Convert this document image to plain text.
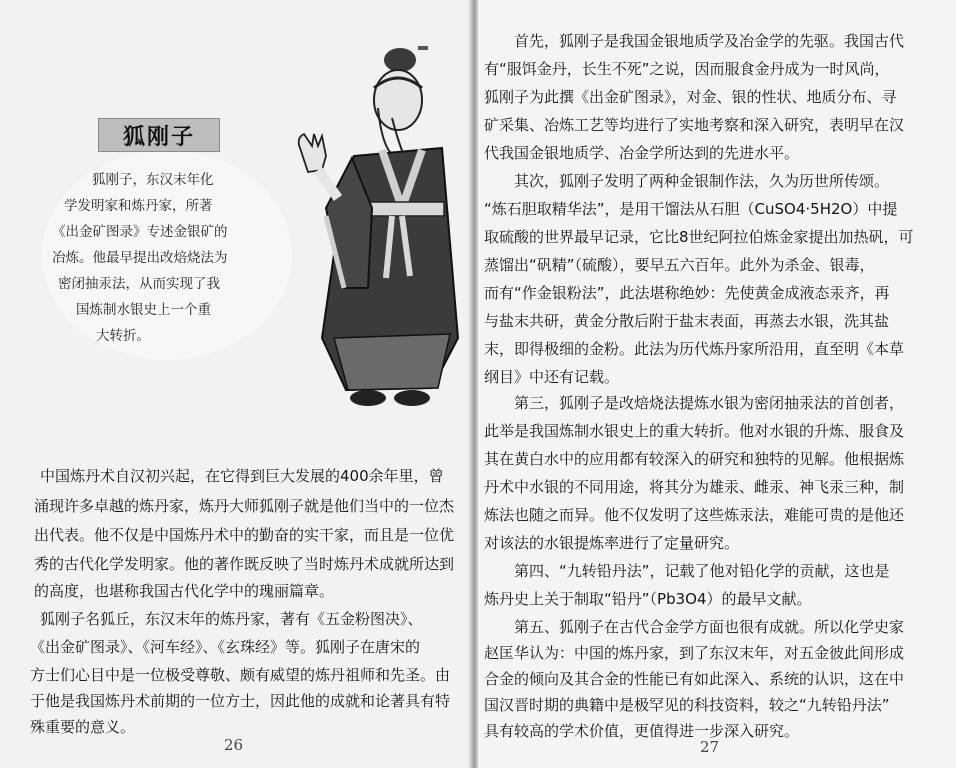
狐刚子
狐刚子，东汉末年化
学发明家和炼丹家，所著
《出金矿图录》专述金银矿的
冶炼。他最早提出改焙烧法为
密闭抽汞法，从而实现了我
国炼制水银史上一个重
大转折。
中国炼丹术自汉初兴起，在它得到巨大发展的400余年里，曾
涌现许多卓越的炼丹家，炼丹大师狐刚子就是他们当中的一位杰
出代表。他不仅是中国炼丹术中的勤奋的实干家，而且是一位优
秀的古代化学发明家。他的著作既反映了当时炼丹术成就所达到
的高度，也堪称我国古代化学中的瑰丽篇章。
狐刚子名狐丘，东汉末年的炼丹家，著有《五金粉图决》、
《出金矿图录》、《河车经》、《玄珠经》等。狐刚子在唐宋的
方士们心目中是一位极受尊敬、颇有威望的炼丹祖师和先圣。由
于他是我国炼丹术前期的一位方士，因此他的成就和论著具有特
殊重要的意义。
26
首先，狐刚子是我国金银地质学及冶金学的先驱。我国古代
有“服饵金丹，长生不死”之说，因而服食金丹成为一时风尚，
狐刚子为此撰《出金矿图录》，对金、银的性状、地质分布、寻
矿采集、冶炼工艺等均进行了实地考察和深入研究，表明早在汉
代我国金银地质学、冶金学所达到的先进水平。
其次，狐刚子发明了两种金银制作法，久为历世所传颂。
“炼石胆取精华法”，是用干馏法从石胆（CuSO4·5H2O）中提
取硫酸的世界最早记录，它比8世纪阿拉伯炼金家提出加热矾，可
蒸馏出“矾精”（硫酸），要早五六百年。此外为杀金、银毒，
而有“作金银粉法”，此法堪称绝妙：先使黄金成液态汞齐，再
与盐末共研，黄金分散后附于盐末表面，再蒸去水银，洗其盐
末，即得极细的金粉。此法为历代炼丹家所沿用，直至明《本草
纲目》中还有记载。
第三，狐刚子是改焙烧法提炼水银为密闭抽汞法的首创者，
此举是我国炼制水银史上的重大转折。他对水银的升炼、服食及
其在黄白水中的应用都有较深入的研究和独特的见解。他根据炼
丹术中水银的不同用途，将其分为雄汞、雌汞、神飞汞三种，制
炼法也随之而异。他不仅发明了这些炼汞法，难能可贵的是他还
对该法的水银提炼率进行了定量研究。
第四、“九转铅丹法”，记载了他对铅化学的贡献，这也是
炼丹史上关于制取“铅丹”（Pb3O4）的最早文献。
第五、狐刚子在古代合金学方面也很有成就。所以化学史家
赵匡华认为：中国的炼丹家，到了东汉末年，对五金彼此间形成
合金的倾向及其合金的性能已有如此深入、系统的认识，这在中
国汉晋时期的典籍中是极罕见的科技资料，较之“九转铅丹法”
具有较高的学术价值，更值得进一步深入研究。
27
